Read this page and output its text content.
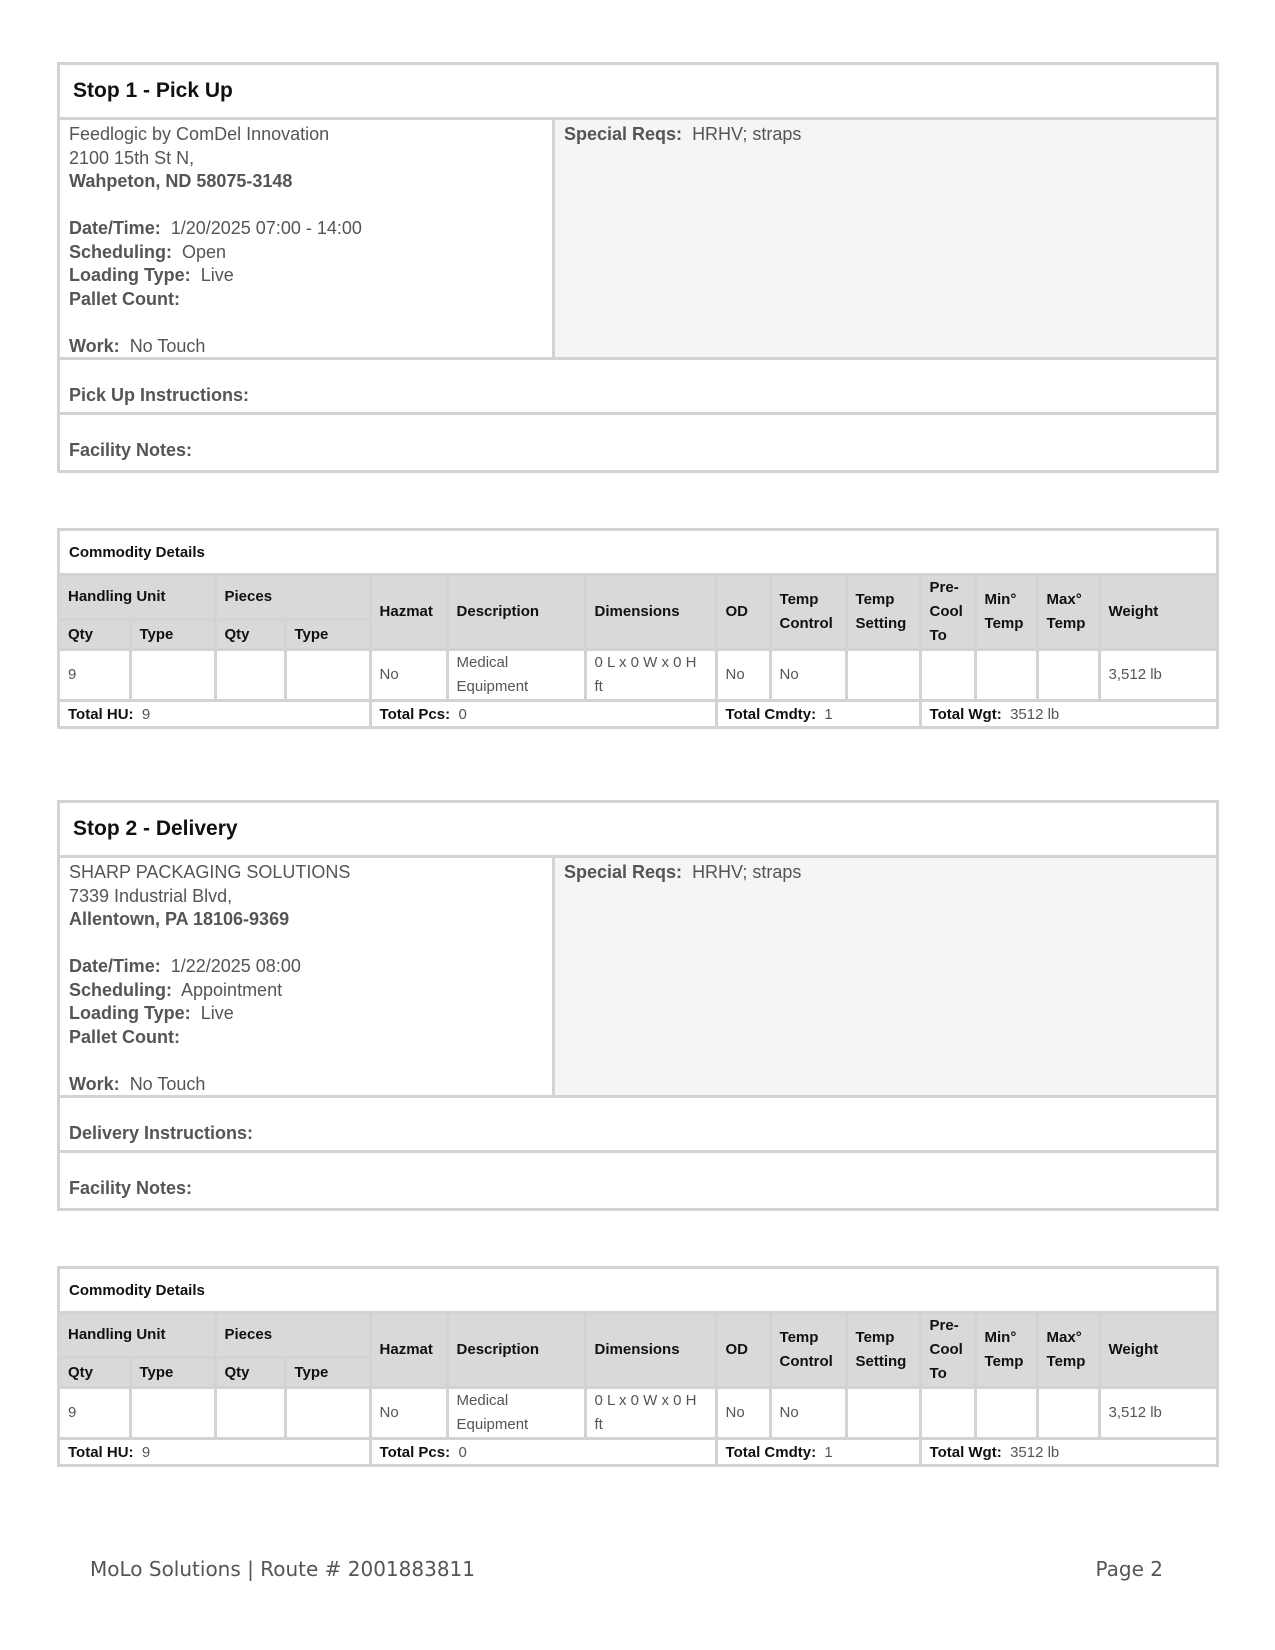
Stop 1 - Pick Up
Feedlogic by ComDel Innovation
2100 15th St N,
Wahpeton, ND 58075-3148
Date/Time: 1/20/2025 07:00 - 14:00
Scheduling: Open
Loading Type: Live
Pallet Count:
Work: No Touch
Special Reqs: HRHV; straps
Pick Up Instructions:
Facility Notes:
Commodity Details
Handling Unit		Pieces		Hazmat	Description	Dimensions	OD	Temp Control	Temp Setting	Pre-Cool To	Min° Temp	Max° Temp	Weight
Qty	Type	Qty	Type										
9				No	Medical Equipment	0 L x 0 W x 0 H ft	No	No					3,512 lb
Total HU: 9				Total Pcs: 0			Total Cmdty: 1			Total Wgt: 3512 lb			
Stop 2 - Delivery
SHARP PACKAGING SOLUTIONS
7339 Industrial Blvd,
Allentown, PA 18106-9369
Date/Time: 1/22/2025 08:00
Scheduling: Appointment
Loading Type: Live
Pallet Count:
Work: No Touch
Special Reqs: HRHV; straps
Delivery Instructions:
Facility Notes:
Commodity Details
Handling Unit		Pieces		Hazmat	Description	Dimensions	OD	Temp Control	Temp Setting	Pre-Cool To	Min° Temp	Max° Temp	Weight
Qty	Type	Qty	Type										
9				No	Medical Equipment	0 L x 0 W x 0 H ft	No	No					3,512 lb
Total HU: 9				Total Pcs: 0			Total Cmdty: 1			Total Wgt: 3512 lb			
MoLo Solutions | Route # 2001883811	Page 2
